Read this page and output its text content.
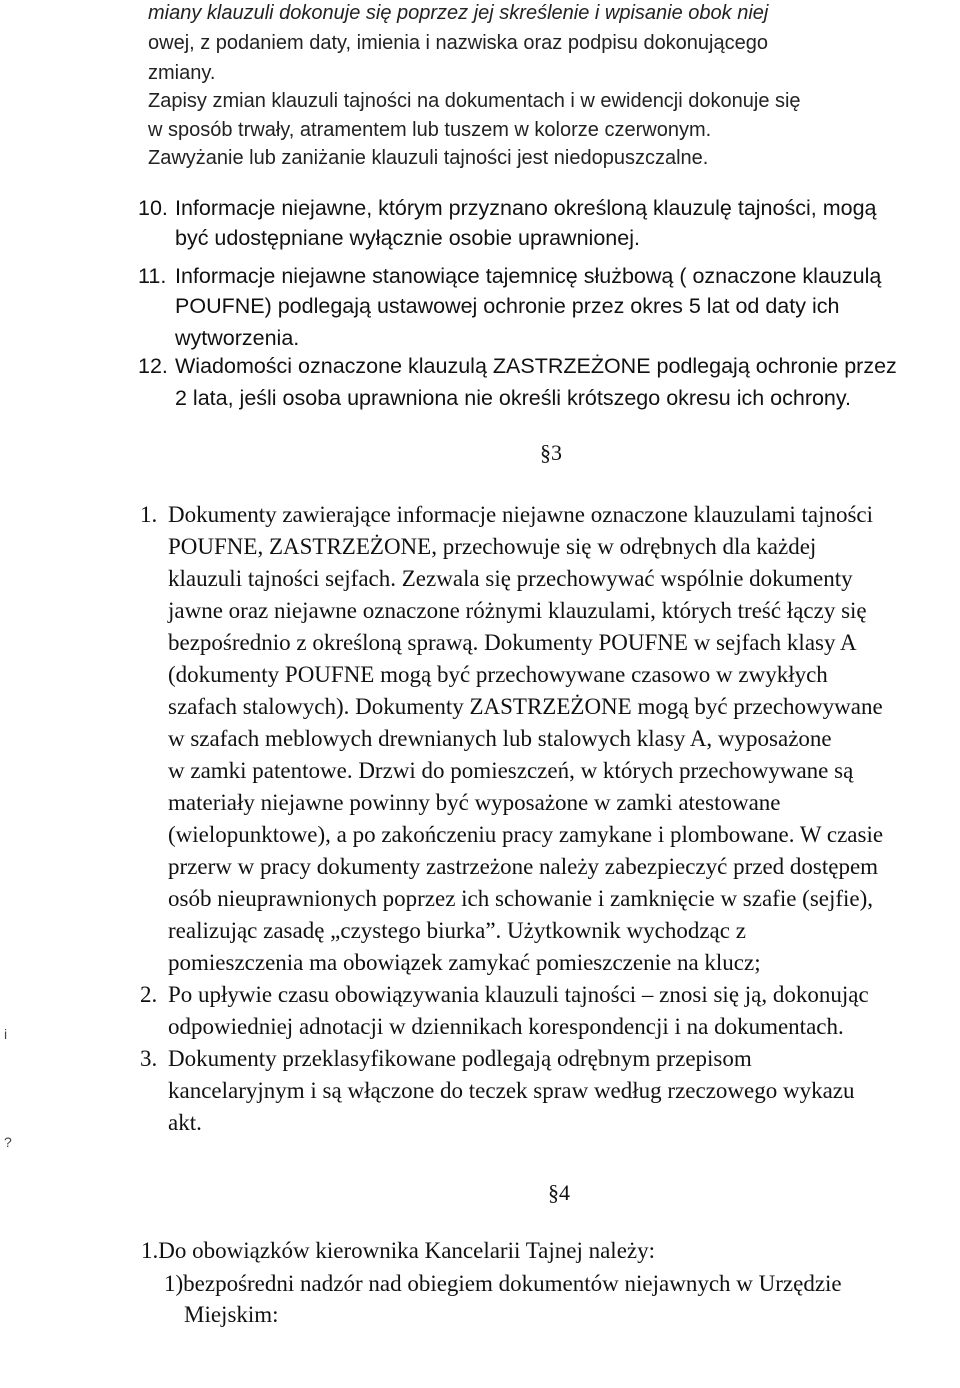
miany klauzuli dokonuje się poprzez jej skreślenie i wpisanie obok niej
owej, z podaniem daty, imienia i nazwiska oraz podpisu dokonującego
zmiany.
Zapisy zmian klauzuli tajności na dokumentach i w ewidencji dokonuje się
w sposób trwały, atramentem lub tuszem w kolorze czerwonym.
Zawyżanie lub zaniżanie klauzuli tajności jest niedopuszczalne.
10. Informacje niejawne, którym przyznano określoną klauzulę tajności, mogą
być udostępniane wyłącznie osobie uprawnionej.
11. Informacje niejawne stanowiące tajemnicę służbową ( oznaczone klauzulą
POUFNE) podlegają ustawowej ochronie przez okres 5 lat od daty ich
wytworzenia.
12. Wiadomości oznaczone klauzulą ZASTRZEŻONE podlegają ochronie przez
2 lata, jeśli osoba uprawniona nie określi krótszego okresu ich ochrony.
§3
1. Dokumenty zawierające informacje niejawne oznaczone klauzulami tajności
POUFNE, ZASTRZEŻONE, przechowuje się w odrębnych dla każdej
klauzuli tajności sejfach. Zezwala się przechowywać wspólnie dokumenty
jawne oraz niejawne oznaczone różnymi klauzulami, których treść łączy się
bezpośrednio z określoną sprawą. Dokumenty POUFNE w sejfach klasy A
(dokumenty POUFNE mogą być przechowywane czasowo w zwykłych
szafach stalowych). Dokumenty ZASTRZEŻONE mogą być przechowywane
w szafach meblowych drewnianych lub stalowych klasy A, wyposażone
w zamki patentowe. Drzwi do pomieszczeń, w których przechowywane są
materiały niejawne powinny być wyposażone w zamki atestowane
(wielopunktowe), a po zakończeniu pracy zamykane i plombowane. W czasie
przerw w pracy dokumenty zastrzeżone należy zabezpieczyć przed dostępem
osób nieuprawnionych poprzez ich schowanie i zamknięcie w szafie (sejfie),
realizując zasadę „czystego biurka”. Użytkownik wychodząc z
pomieszczenia ma obowiązek zamykać pomieszczenie na klucz;
2. Po upływie czasu obowiązywania klauzuli tajności – znosi się ją, dokonując
odpowiedniej adnotacji w dziennikach korespondencji i na dokumentach.
3. Dokumenty przeklasyfikowane podlegają odrębnym przepisom
kancelaryjnym i są włączone do teczek spraw według rzeczowego wykazu
akt.
§4
1.Do obowiązków kierownika Kancelarii Tajnej należy:
1)bezpośredni nadzór nad obiegiem dokumentów niejawnych w Urzędzie
Miejskim:
i
?
